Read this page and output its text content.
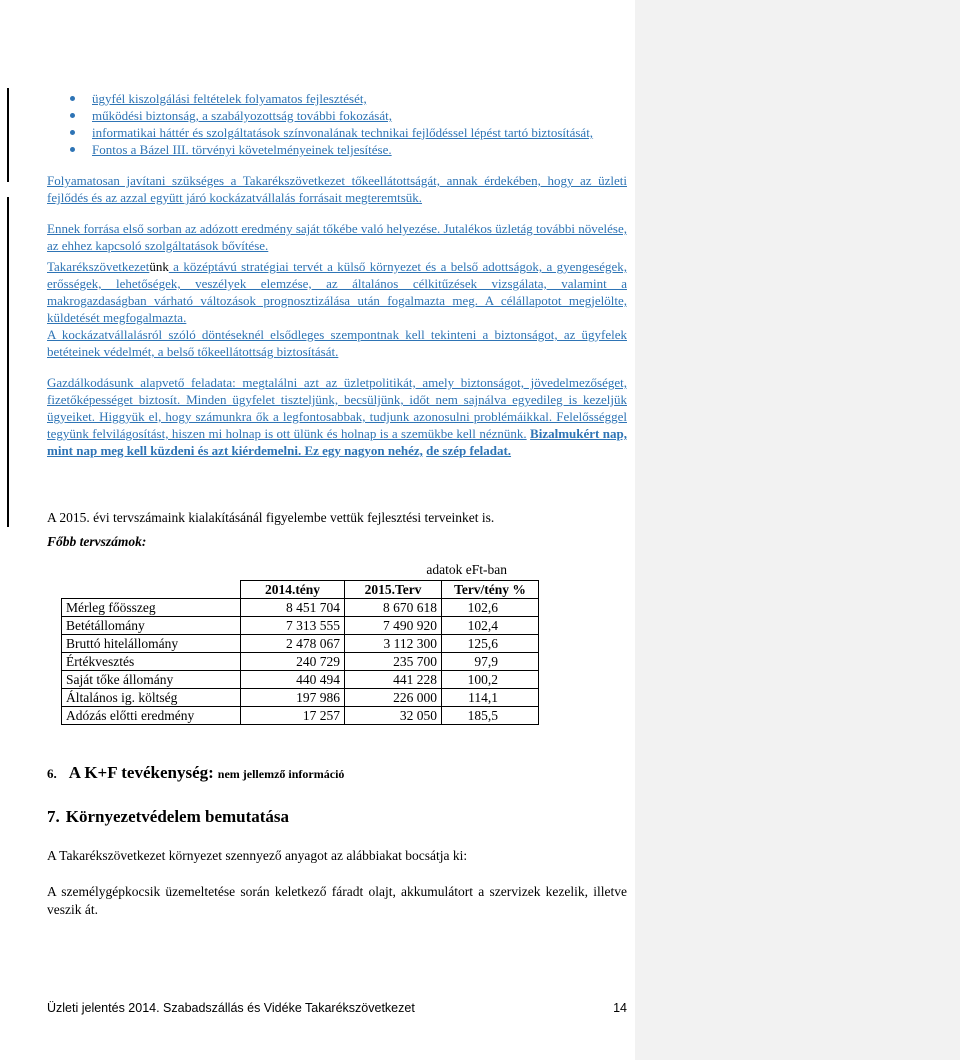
ügyfél kiszolgálási feltételek folyamatos fejlesztését,
működési biztonság, a szabályozottság további fokozását,
informatikai háttér és szolgáltatások színvonalának technikai fejlődéssel lépést tartó biztosítását,
Fontos a Bázel III. törvényi követelményeinek teljesítése.

Folyamatosan javítani szükséges a Takarékszövetkezet tőkeellátottságát, annak érdekében, hogy az üzleti fejlődés és az azzal együtt járó kockázatvállalás forrásait megteremtsük.

Ennek forrása első sorban az adózott eredmény saját tőkébe való helyezése. Jutalékos üzletág további növelése, az ehhez kapcsoló szolgáltatások bővítése.

Takarékszövetkezetünk a középtávú stratégiai tervét a külső környezet és a belső adottságok, a gyengeségek, erősségek, lehetőségek, veszélyek elemzése, az általános célkitűzések vizsgálata, valamint a makrogazdaságban várható változások prognosztizálása után fogalmazta meg. A célállapotot megjelölte, küldetését megfogalmazta.

A kockázatvállalásról szóló döntéseknél elsődleges szempontnak kell tekinteni a biztonságot, az ügyfelek betéteinek védelmét, a belső tőkeellátottság biztosítását.

Gazdálkodásunk alapvető feladata: megtalálni azt az üzletpolitikát, amely biztonságot, jövedelmezőséget, fizetőképességet biztosít. Minden ügyfelet tiszteljünk, becsüljünk, időt nem sajnálva egyedileg is kezeljük ügyeiket. Higgyük el, hogy számunkra ők a legfontosabbak, tudjunk azonosulni problémáikkal. Felelősséggel tegyünk felvilágosítást, hiszen mi holnap is ott ülünk és holnap is a szemükbe kell néznünk. Bizalmukért nap, mint nap meg kell küzdeni és azt kiérdemelni. Ez egy nagyon nehéz, de szép feladat.

A 2015. évi tervszámaink kialakításánál figyelembe vettük fejlesztési terveinket is.

Főbb tervszámok:
adatok eFt-ban
	2014.tény	2015.Terv	Terv/tény %
Mérleg főösszeg	8 451 704	8 670 618	102,6
Betétállomány	7 313 555	7 490 920	102,4
Bruttó hitelállomány	2 478 067	3 112 300	125,6
Értékvesztés	240 729	235 700	97,9
Saját tőke állomány	440 494	441 228	100,2
Általános ig. költség	197 986	226 000	114,1
Adózás előtti eredmény	17 257	32 050	185,5
6. A K+F tevékenység: nem jellemző információ
7. Környezetvédelem bemutatása

A Takarékszövetkezet környezet szennyező anyagot az alábbiakat bocsátja ki:

A személygépkocsik üzemeltetése során keletkező fáradt olajt, akkumulátort a szervizek kezelik, illetve veszik át.

Üzleti jelentés 2014. Szabadszállás és Vidéke Takarékszövetkezet	14
